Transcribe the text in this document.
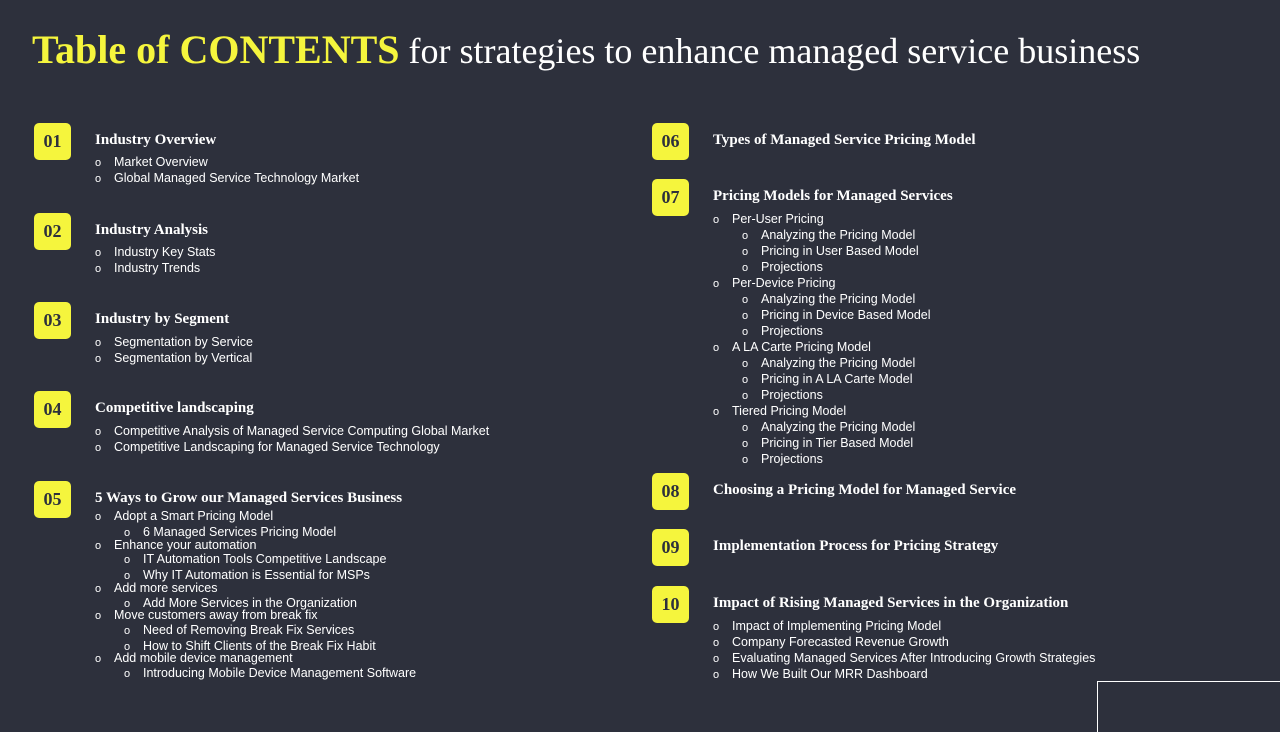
Table of CONTENTS for strategies to enhance managed service business
01	Industry Overview
o Market Overview
o Global Managed Service Technology Market
02	Industry Analysis
o Industry Key Stats
o Industry Trends
03	Industry by Segment
o Segmentation by Service
o Segmentation by Vertical
04	Competitive landscaping
o Competitive Analysis of Managed Service Computing Global Market
o Competitive Landscaping for Managed Service Technology
05	5 Ways to Grow our Managed Services Business
o Adopt a Smart Pricing Model
o 6 Managed Services Pricing Model
o Enhance your automation
o IT Automation Tools Competitive Landscape
o Why IT Automation is Essential for MSPs
o Add more services
o Add More Services in the Organization
o Move customers away from break fix
o Need of Removing Break Fix Services
o How to Shift Clients of the Break Fix Habit
o Add mobile device management
o Introducing Mobile Device Management Software
06	Types of Managed Service Pricing Model
07	Pricing Models for Managed Services
o Per-User Pricing
o Analyzing the Pricing Model
o Pricing in User Based Model
o Projections
o Per-Device Pricing
o Analyzing the Pricing Model
o Pricing in Device Based Model
o Projections
o A LA Carte Pricing Model
o Analyzing the Pricing Model
o Pricing in A LA Carte Model
o Projections
o Tiered Pricing Model
o Analyzing the Pricing Model
o Pricing in Tier Based Model
o Projections
08	Choosing a Pricing Model for Managed Service
09	Implementation Process for Pricing Strategy
10	Impact of Rising Managed Services in the Organization
o Impact of Implementing Pricing Model
o Company Forecasted Revenue Growth
o Evaluating Managed Services After Introducing Growth Strategies
o How We Built Our MRR Dashboard
